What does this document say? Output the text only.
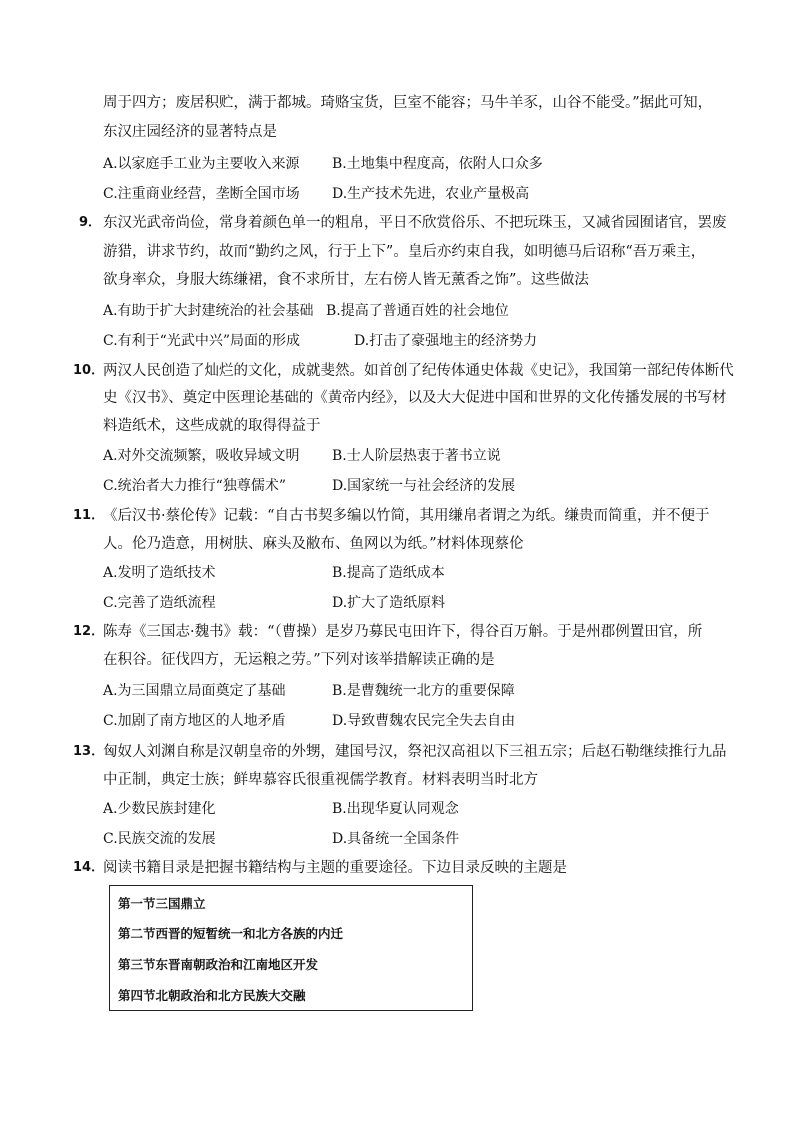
周于四方；废居积贮，满于都城。琦赂宝货，巨室不能容；马牛羊豕，山谷不能受。”据此可知，
东汉庄园经济的显著特点是
A.以家庭手工业为主要收入来源 B.土地集中程度高，依附人口众多
C.注重商业经营，垄断全国市场 D.生产技术先进，农业产量极高
9． 东汉光武帝尚俭，常身着颜色单一的粗帛，平日不欣赏俗乐、不把玩珠玉，又减省园囿诸官，罢废
游猎，讲求节约，故而“勤约之风，行于上下”。皇后亦约束自我，如明德马后诏称“吾万乘主，
欲身率众，身服大练缣裙，食不求所甘，左右傍人皆无薰香之饰”。这些做法
A.有助于扩大封建统治的社会基础 B.提高了普通百姓的社会地位
C.有利于“光武中兴”局面的形成	D.打击了豪强地主的经济势力
10．
两汉人民创造了灿烂的文化，成就斐然。如首创了纪传体通史体裁《史记》，我国第一部纪传体断代
史《汉书》、奠定中医理论基础的《黄帝内经》，以及大大促进中国和世界的文化传播发展的书写材
料造纸术，这些成就的取得得益于
A.对外交流频繁，吸收异域文明 B.士人阶层热衷于著书立说
C.统治者大力推行“独尊儒术”	D.国家统一与社会经济的发展
11．
《后汉书·蔡伦传》记载：“自古书契多编以竹简，其用缣帛者谓之为纸。缣贵而简重，并不便于
人。伦乃造意，用树肤、麻头及敝布、鱼网以为纸。”材料体现蔡伦
A.发明了造纸技术	B.提高了造纸成本
C.完善了造纸流程	D.扩大了造纸原料
12．
陈寿《三国志·魏书》载：“（曹操）是岁乃募民屯田许下，得谷百万斛。于是州郡例置田官，所
在积谷。征伐四方，无运粮之劳。”下列对该举措解读正确的是
A.为三国鼎立局面奠定了基础	B.是曹魏统一北方的重要保障
C.加剧了南方地区的人地矛盾	D.导致曹魏农民完全失去自由
13．
匈奴人刘渊自称是汉朝皇帝的外甥，建国号汉，祭祀汉高祖以下三祖五宗；后赵石勒继续推行九品
中正制，典定士族；鲜卑慕容氏很重视儒学教育。材料表明当时北方
A.少数民族封建化	B.出现华夏认同观念
C.民族交流的发展	D.具备统一全国条件
14．
阅读书籍目录是把握书籍结构与主题的重要途径。下边目录反映的主题是
第一节三国鼎立
第二节西晋的短暂统一和北方各族的内迁
第三节东晋南朝政治和江南地区开发
第四节北朝政治和北方民族大交融
